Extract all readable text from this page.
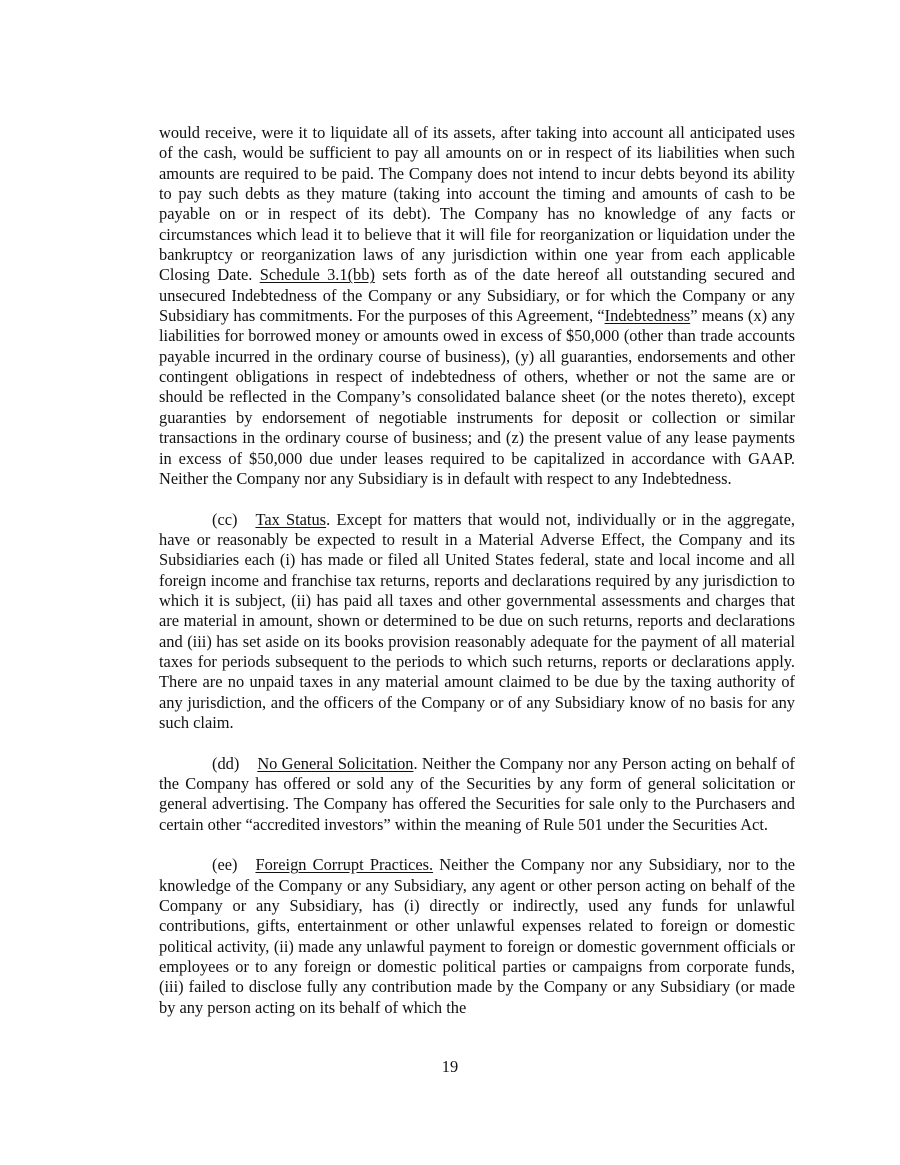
would receive, were it to liquidate all of its assets, after taking into account all anticipated uses of the cash, would be sufficient to pay all amounts on or in respect of its liabilities when such amounts are required to be paid. The Company does not intend to incur debts beyond its ability to pay such debts as they mature (taking into account the timing and amounts of cash to be payable on or in respect of its debt). The Company has no knowledge of any facts or circumstances which lead it to believe that it will file for reorganization or liquidation under the bankruptcy or reorganization laws of any jurisdiction within one year from each applicable Closing Date. Schedule 3.1(bb) sets forth as of the date hereof all outstanding secured and unsecured Indebtedness of the Company or any Subsidiary, or for which the Company or any Subsidiary has commitments. For the purposes of this Agreement, “Indebtedness” means (x) any liabilities for borrowed money or amounts owed in excess of $50,000 (other than trade accounts payable incurred in the ordinary course of business), (y) all guaranties, endorsements and other contingent obligations in respect of indebtedness of others, whether or not the same are or should be reflected in the Company’s consolidated balance sheet (or the notes thereto), except guaranties by endorsement of negotiable instruments for deposit or collection or similar transactions in the ordinary course of business; and (z) the present value of any lease payments in excess of $50,000 due under leases required to be capitalized in accordance with GAAP. Neither the Company nor any Subsidiary is in default with respect to any Indebtedness.

(cc) Tax Status. Except for matters that would not, individually or in the aggregate, have or reasonably be expected to result in a Material Adverse Effect, the Company and its Subsidiaries each (i) has made or filed all United States federal, state and local income and all foreign income and franchise tax returns, reports and declarations required by any jurisdiction to which it is subject, (ii) has paid all taxes and other governmental assessments and charges that are material in amount, shown or determined to be due on such returns, reports and declarations and (iii) has set aside on its books provision reasonably adequate for the payment of all material taxes for periods subsequent to the periods to which such returns, reports or declarations apply. There are no unpaid taxes in any material amount claimed to be due by the taxing authority of any jurisdiction, and the officers of the Company or of any Subsidiary know of no basis for any such claim.

(dd) No General Solicitation. Neither the Company nor any Person acting on behalf of the Company has offered or sold any of the Securities by any form of general solicitation or general advertising. The Company has offered the Securities for sale only to the Purchasers and certain other “accredited investors” within the meaning of Rule 501 under the Securities Act.

(ee) Foreign Corrupt Practices. Neither the Company nor any Subsidiary, nor to the knowledge of the Company or any Subsidiary, any agent or other person acting on behalf of the Company or any Subsidiary, has (i) directly or indirectly, used any funds for unlawful contributions, gifts, entertainment or other unlawful expenses related to foreign or domestic political activity, (ii) made any unlawful payment to foreign or domestic government officials or employees or to any foreign or domestic political parties or campaigns from corporate funds, (iii) failed to disclose fully any contribution made by the Company or any Subsidiary (or made by any person acting on its behalf of which the

19
